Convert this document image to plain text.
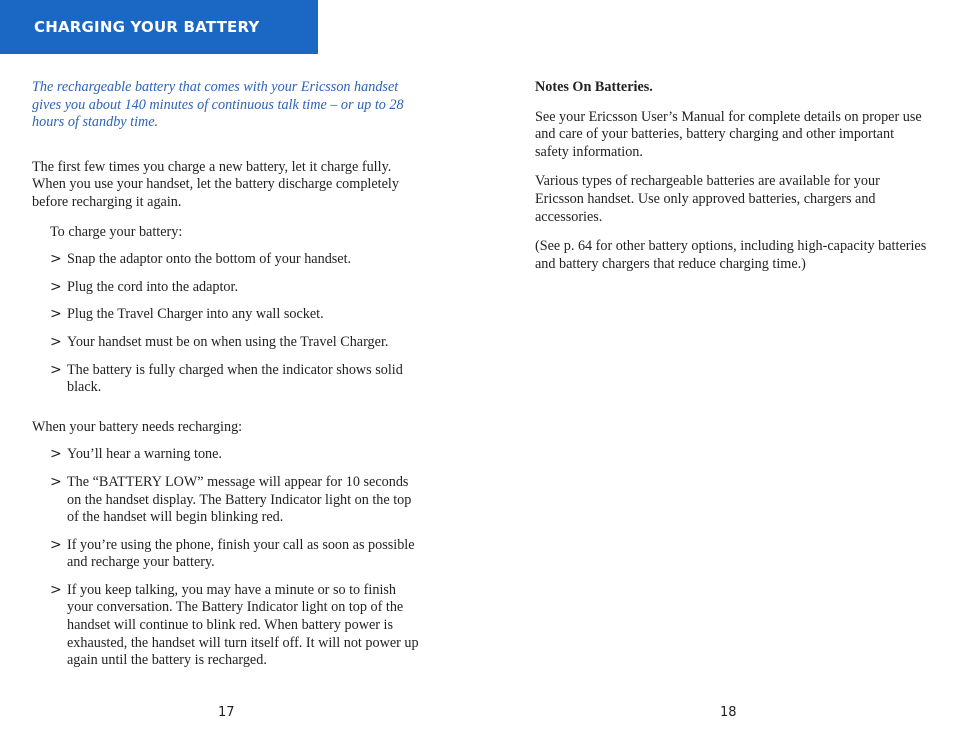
CHARGING YOUR BATTERY

The rechargeable battery that comes with your Ericsson handset gives you about 140 minutes of continuous talk time – or up to 28 hours of standby time.

The first few times you charge a new battery, let it charge fully. When you use your handset, let the battery discharge completely before recharging it again.

To charge your battery:

> Snap the adaptor onto the bottom of your handset.
> Plug the cord into the adaptor.
> Plug the Travel Charger into any wall socket.
> Your handset must be on when using the Travel Charger.
> The battery is fully charged when the indicator shows solid black.

When your battery needs recharging:

> You’ll hear a warning tone.
> The “BATTERY LOW” message will appear for 10 seconds on the handset display. The Battery Indicator light on the top of the handset will begin blinking red.
> If you’re using the phone, finish your call as soon as possible and recharge your battery.
> If you keep talking, you may have a minute or so to finish your conversation. The Battery Indicator light on top of the handset will continue to blink red. When battery power is exhausted, the handset will turn itself off. It will not power up again until the battery is recharged.

Notes On Batteries.

See your Ericsson User’s Manual for complete details on proper use and care of your batteries, battery charging and other important safety information.

Various types of rechargeable batteries are available for your Ericsson handset. Use only approved batteries, chargers and accessories.

(See p. 64 for other battery options, including high-capacity batteries and battery chargers that reduce charging time.)

17	18
